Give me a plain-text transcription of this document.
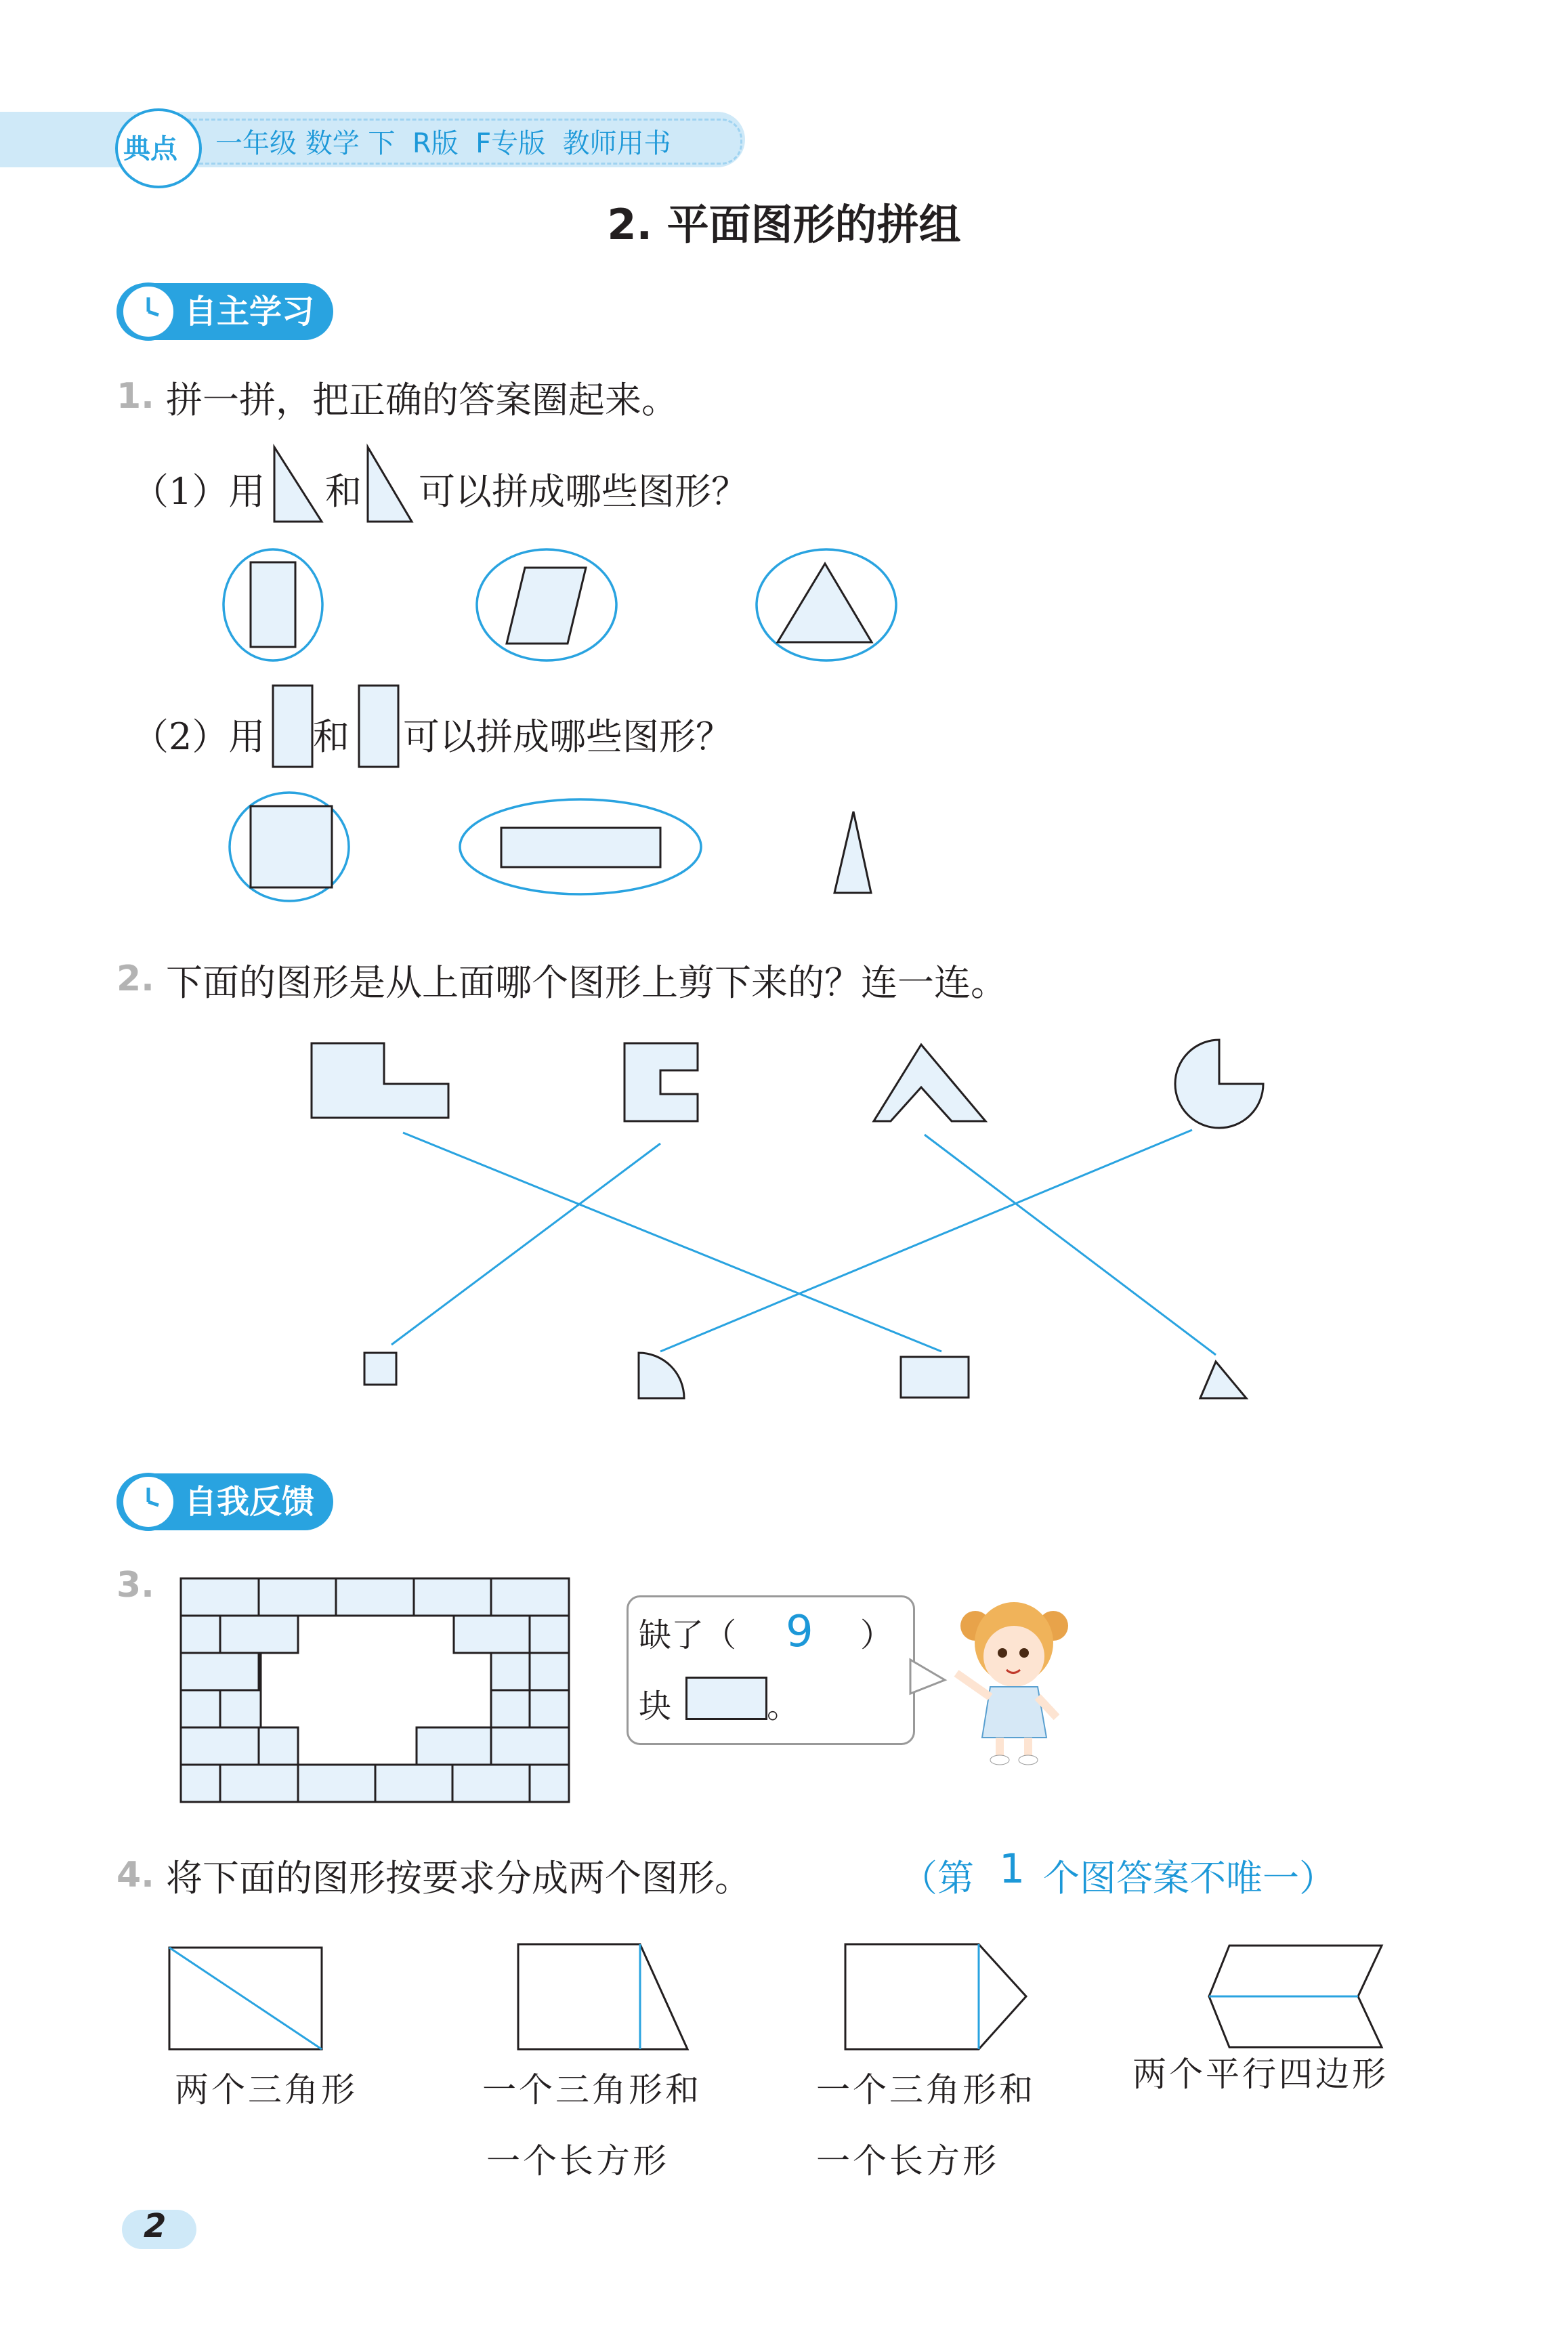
典点 一年级 数学 下  R版  F专版  教师用书
2. 平面图形的拼组
自主学习
1. 拼一拼，把正确的答案圈起来。
（1）用 和 可以拼成哪些图形？
（2）用 和 可以拼成哪些图形？
2. 下面的图形是从上面哪个图形上剪下来的？连一连。
自我反馈
3.
缺了（ 9 ）
块	。
4. 将下面的图形按要求分成两个图形。	（第 1 个图答案不唯一）
两个三角形	一个三角形和
一个长方形
一个三角形和
一个长方形
两个平行四边形
2
